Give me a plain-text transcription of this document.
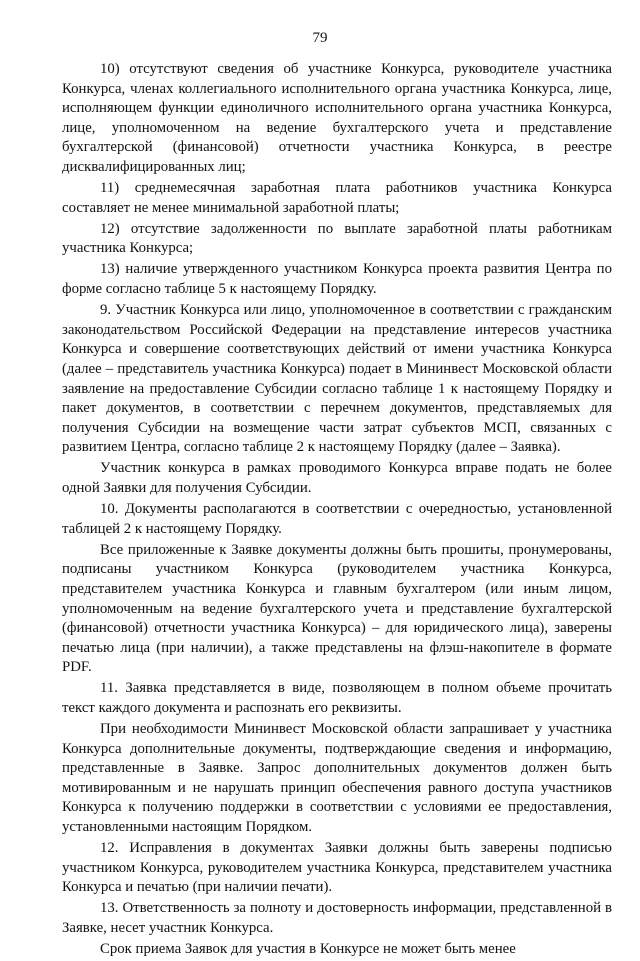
79

10) отсутствуют сведения об участнике Конкурса, руководителе участника Конкурса, членах коллегиального исполнительного органа участника Конкурса, лице, исполняющем функции единоличного исполнительного органа участника Конкурса, лице, уполномоченном на ведение бухгалтерского учета и представление бухгалтерской (финансовой) отчетности участника Конкурса, в реестре дисквалифицированных лиц;

11) среднемесячная заработная плата работников участника Конкурса составляет не менее минимальной заработной платы;

12) отсутствие задолженности по выплате заработной платы работникам участника Конкурса;

13) наличие утвержденного участником Конкурса проекта развития Центра по форме согласно таблице 5 к настоящему Порядку.

9. Участник Конкурса или лицо, уполномоченное в соответствии с гражданским законодательством Российской Федерации на представление интересов участника Конкурса и совершение соответствующих действий от имени участника Конкурса (далее – представитель участника Конкурса) подает в Мининвест Московской области заявление на предоставление Субсидии согласно таблице 1 к настоящему Порядку и пакет документов, в соответствии с перечнем документов, представляемых для получения Субсидии на возмещение части затрат субъектов МСП, связанных с развитием Центра, согласно таблице 2 к настоящему Порядку (далее – Заявка).

Участник конкурса в рамках проводимого Конкурса вправе подать не более одной Заявки для получения Субсидии.

10. Документы располагаются в соответствии с очередностью, установленной таблицей 2 к настоящему Порядку.

Все приложенные к Заявке документы должны быть прошиты, пронумерованы, подписаны участником Конкурса (руководителем участника Конкурса, представителем участника Конкурса и главным бухгалтером (или иным лицом, уполномоченным на ведение бухгалтерского учета и представление бухгалтерской (финансовой) отчетности участника Конкурса) – для юридического лица), заверены печатью лица (при наличии), а также представлены на флэш-накопителе в формате PDF.

11. Заявка представляется в виде, позволяющем в полном объеме прочитать текст каждого документа и распознать его реквизиты.

При необходимости Мининвест Московской области запрашивает у участника Конкурса дополнительные документы, подтверждающие сведения и информацию, представленные в Заявке. Запрос дополнительных документов должен быть мотивированным и не нарушать принцип обеспечения равного доступа участников Конкурса к получению поддержки в соответствии с условиями ее предоставления, установленными настоящим Порядком.

12. Исправления в документах Заявки должны быть заверены подписью участником Конкурса, руководителем участника Конкурса, представителем участника Конкурса и печатью (при наличии печати).

13. Ответственность за полноту и достоверность информации, представленной в Заявке, несет участник Конкурса.

Срок приема Заявок для участия в Конкурсе не может быть менее
